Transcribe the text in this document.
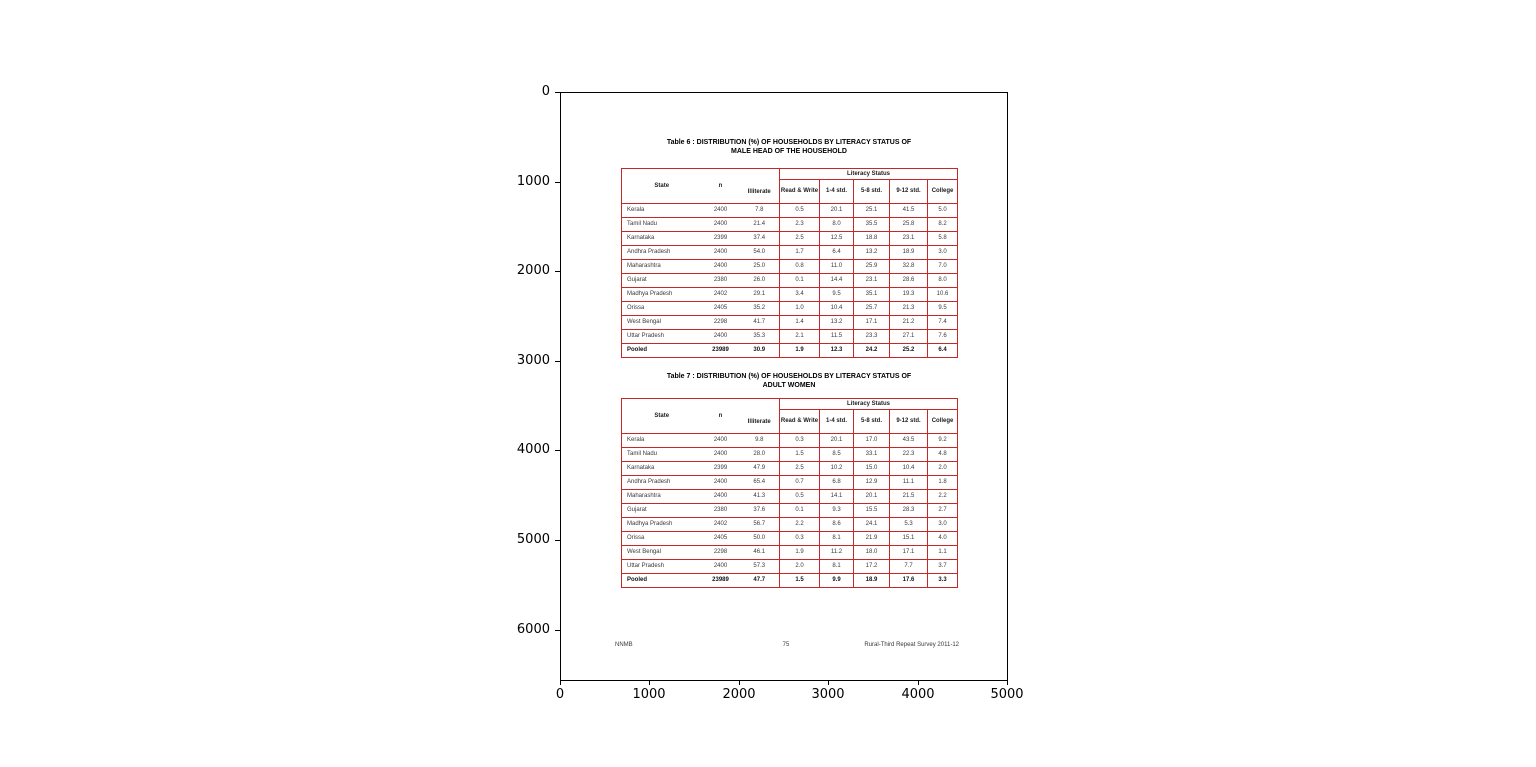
0
1000
2000
3000
4000
5000
6000
0	1000	2000	3000	4000	5000
Table 6 : DISTRIBUTION (%) OF HOUSEHOLDS BY LITERACY STATUS OF
MALE HEAD OF THE HOUSEHOLD
State	n	Illiterate	Literacy Status				
			Read & Write	1-4 std.	5-8 std.	9-12 std.	College
Kerala	2400	7.8	0.5	20.1	25.1	41.5	5.0
Tamil Nadu	2400	21.4	2.3	8.0	35.5	25.8	8.2
Karnataka	2399	37.4	2.5	12.5	18.8	23.1	5.8
Andhra Pradesh	2400	54.0	1.7	6.4	13.2	18.9	3.0
Maharashtra	2400	25.0	0.8	11.0	25.9	32.8	7.0
Gujarat	2380	26.0	0.1	14.4	23.1	28.6	8.0
Madhya Pradesh	2402	29.1	3.4	9.5	35.1	19.3	10.6
Orissa	2405	35.2	1.0	10.4	25.7	21.3	9.5
West Bengal	2298	41.7	1.4	13.2	17.1	21.2	7.4
Uttar Pradesh	2400	35.3	2.1	11.5	23.3	27.1	7.6
Pooled	23989	30.9	1.9	12.3	24.2	25.2	6.4
Table 7 : DISTRIBUTION (%) OF HOUSEHOLDS BY LITERACY STATUS OF
ADULT WOMEN
State	n	Illiterate	Literacy Status				
			Read & Write	1-4 std.	5-8 std.	9-12 std.	College
Kerala	2400	9.8	0.3	20.1	17.0	43.5	9.2
Tamil Nadu	2400	28.0	1.5	8.5	33.1	22.3	4.8
Karnataka	2399	47.9	2.5	10.2	15.0	10.4	2.0
Andhra Pradesh	2400	65.4	0.7	6.8	12.9	11.1	1.8
Maharashtra	2400	41.3	0.5	14.1	20.1	21.5	2.2
Gujarat	2380	37.6	0.1	9.3	15.5	28.3	2.7
Madhya Pradesh	2402	56.7	2.2	8.6	24.1	5.3	3.0
Orissa	2405	50.0	0.3	8.1	21.9	15.1	4.0
West Bengal	2298	46.1	1.9	11.2	18.0	17.1	1.1
Uttar Pradesh	2400	57.3	2.0	8.1	17.2	7.7	3.7
Pooled	23989	47.7	1.5	9.9	18.9	17.6	3.3
NNMB	75	Rural-Third Repeat Survey 2011-12
